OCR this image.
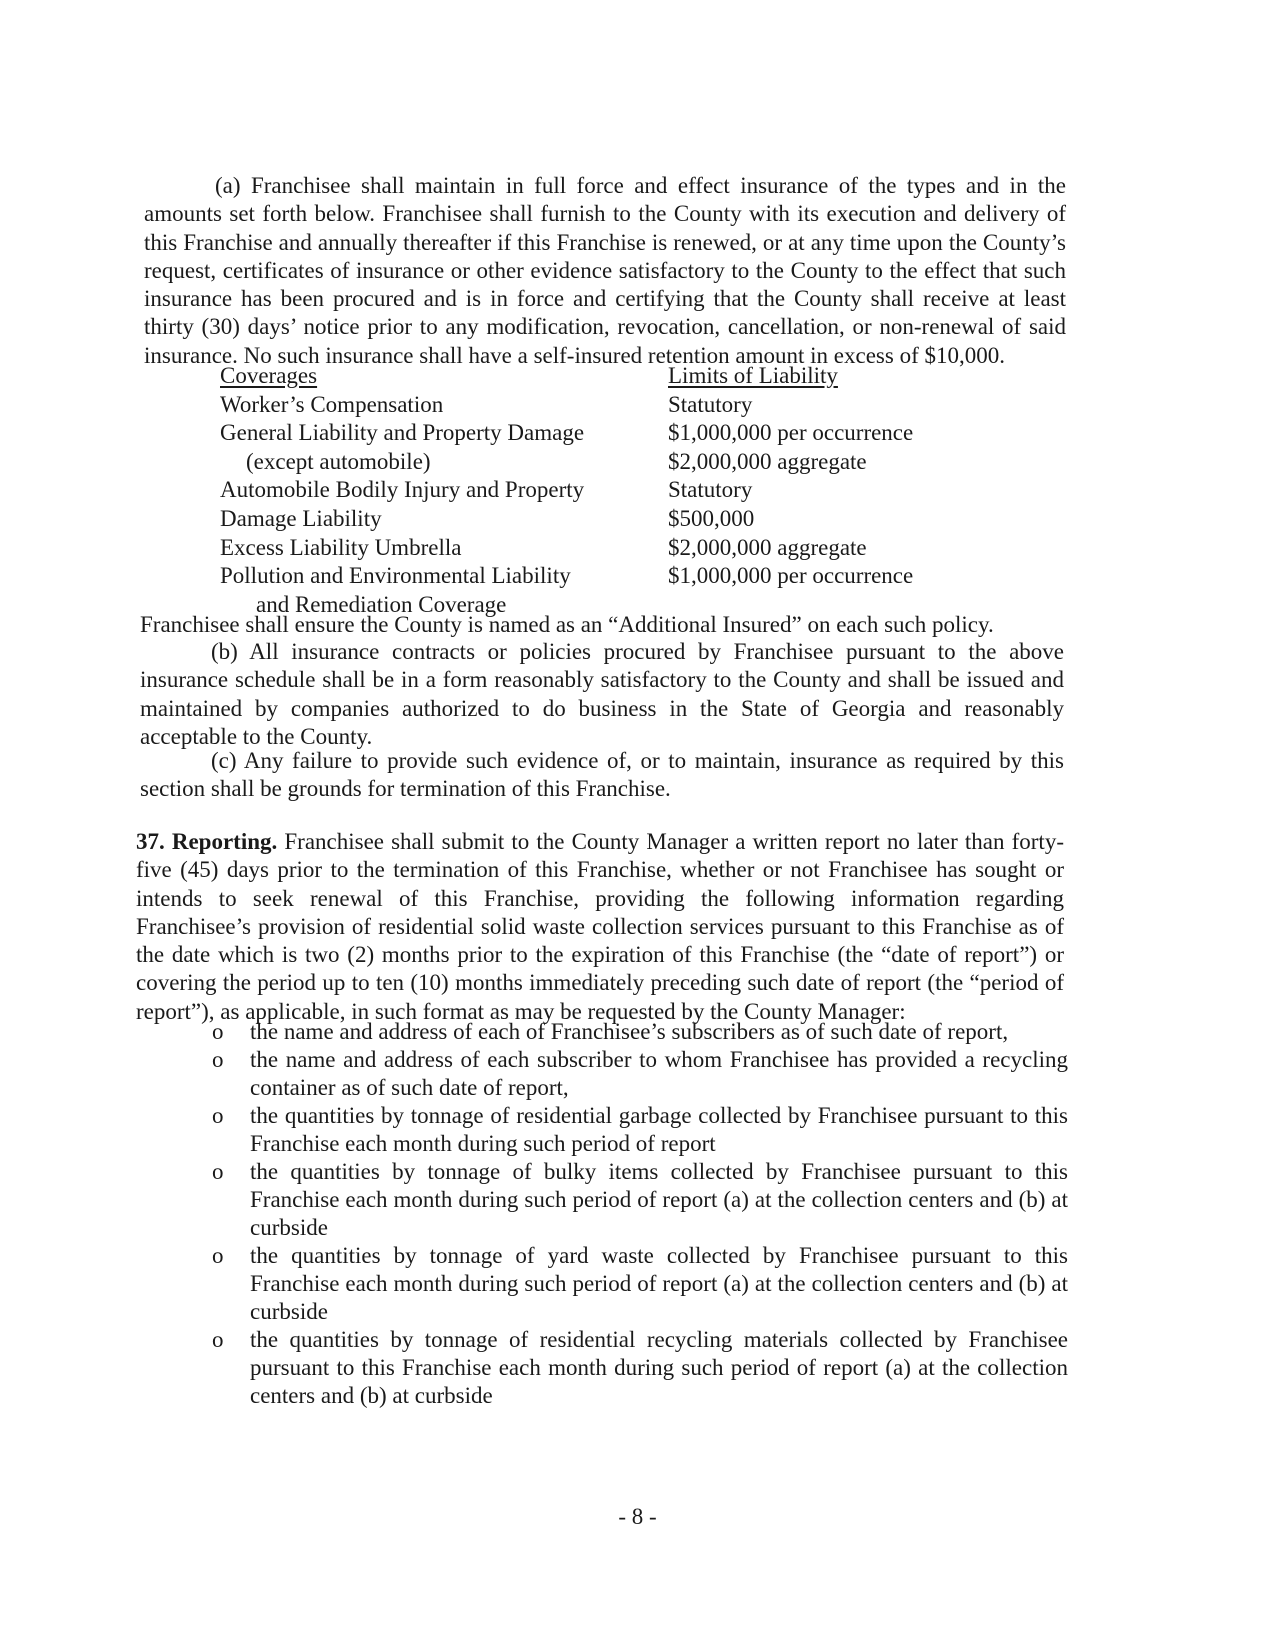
(a) Franchisee shall maintain in full force and effect insurance of the types and in the amounts set forth below. Franchisee shall furnish to the County with its execution and delivery of this Franchise and annually thereafter if this Franchise is renewed, or at any time upon the County’s request, certificates of insurance or other evidence satisfactory to the County to the effect that such insurance has been procured and is in force and certifying that the County shall receive at least thirty (30) days’ notice prior to any modification, revocation, cancellation, or non-renewal of said insurance. No such insurance shall have a self-insured retention amount in excess of $10,000.
Coverages
Worker’s Compensation
General Liability and Property Damage
(except automobile)
Automobile Bodily Injury and Property
Damage Liability
Excess Liability Umbrella
Pollution and Environmental Liability
and Remediation Coverage
Limits of Liability
Statutory
$1,000,000 per occurrence
$2,000,000 aggregate
Statutory
$500,000
$2,000,000 aggregate
$1,000,000 per occurrence
Franchisee shall ensure the County is named as an “Additional Insured” on each such policy.
(b) All insurance contracts or policies procured by Franchisee pursuant to the above insurance schedule shall be in a form reasonably satisfactory to the County and shall be issued and maintained by companies authorized to do business in the State of Georgia and reasonably acceptable to the County.
(c) Any failure to provide such evidence of, or to maintain, insurance as required by this section shall be grounds for termination of this Franchise.
37. Reporting. Franchisee shall submit to the County Manager a written report no later than forty-five (45) days prior to the termination of this Franchise, whether or not Franchisee has sought or intends to seek renewal of this Franchise, providing the following information regarding Franchisee’s provision of residential solid waste collection services pursuant to this Franchise as of the date which is two (2) months prior to the expiration of this Franchise (the “date of report”) or covering the period up to ten (10) months immediately preceding such date of report (the “period of report”), as applicable, in such format as may be requested by the County Manager:
o the name and address of each of Franchisee’s subscribers as of such date of report,
o the name and address of each subscriber to whom Franchisee has provided a recycling container as of such date of report,
o the quantities by tonnage of residential garbage collected by Franchisee pursuant to this Franchise each month during such period of report
o the quantities by tonnage of bulky items collected by Franchisee pursuant to this Franchise each month during such period of report (a) at the collection centers and (b) at curbside
o the quantities by tonnage of yard waste collected by Franchisee pursuant to this Franchise each month during such period of report (a) at the collection centers and (b) at curbside
o the quantities by tonnage of residential recycling materials collected by Franchisee pursuant to this Franchise each month during such period of report (a) at the collection centers and (b) at curbside
- 8 -
